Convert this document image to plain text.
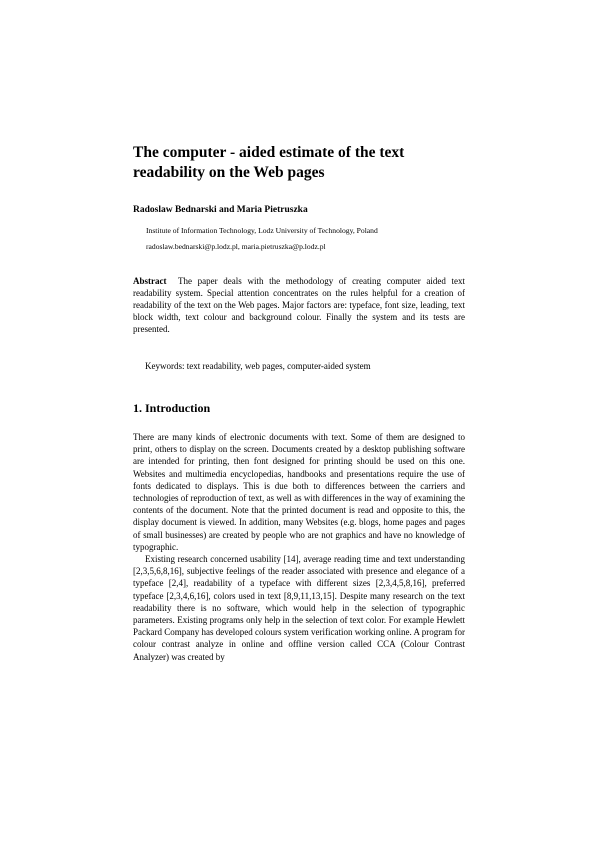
The computer - aided estimate of the text readability on the Web pages

Radoslaw Bednarski and Maria Pietruszka

Institute of Information Technology, Lodz University of Technology, Poland

radoslaw.bednarski@p.lodz.pl, maria.pietruszka@p.lodz.pl

Abstract The paper deals with the methodology of creating computer aided text readability system. Special attention concentrates on the rules helpful for a creation of readability of the text on the Web pages. Major factors are: typeface, font size, leading, text block width, text colour and background colour. Finally the system and its tests are presented.

Keywords: text readability, web pages, computer-aided system

1. Introduction

There are many kinds of electronic documents with text. Some of them are designed to print, others to display on the screen. Documents created by a desktop publishing software are intended for printing, then font designed for printing should be used on this one. Websites and multimedia encyclopedias, handbooks and presentations require the use of fonts dedicated to displays. This is due both to differences between the carriers and technologies of reproduction of text, as well as with differences in the way of examining the contents of the document. Note that the printed document is read and opposite to this, the display document is viewed. In addition, many Websites (e.g. blogs, home pages and pages of small businesses) are created by people who are not graphics and have no knowledge of typographic.

Existing research concerned usability [14], average reading time and text understanding [2,3,5,6,8,16], subjective feelings of the reader associated with presence and elegance of a typeface [2,4], readability of a typeface with different sizes [2,3,4,5,8,16], preferred typeface [2,3,4,6,16], colors used in text [8,9,11,13,15]. Despite many research on the text readability there is no software, which would help in the selection of typographic parameters. Existing programs only help in the selection of text color. For example Hewlett Packard Company has developed colours system verification working online. A program for colour contrast analyze in online and offline version called CCA (Colour Contrast Analyzer) was created by
